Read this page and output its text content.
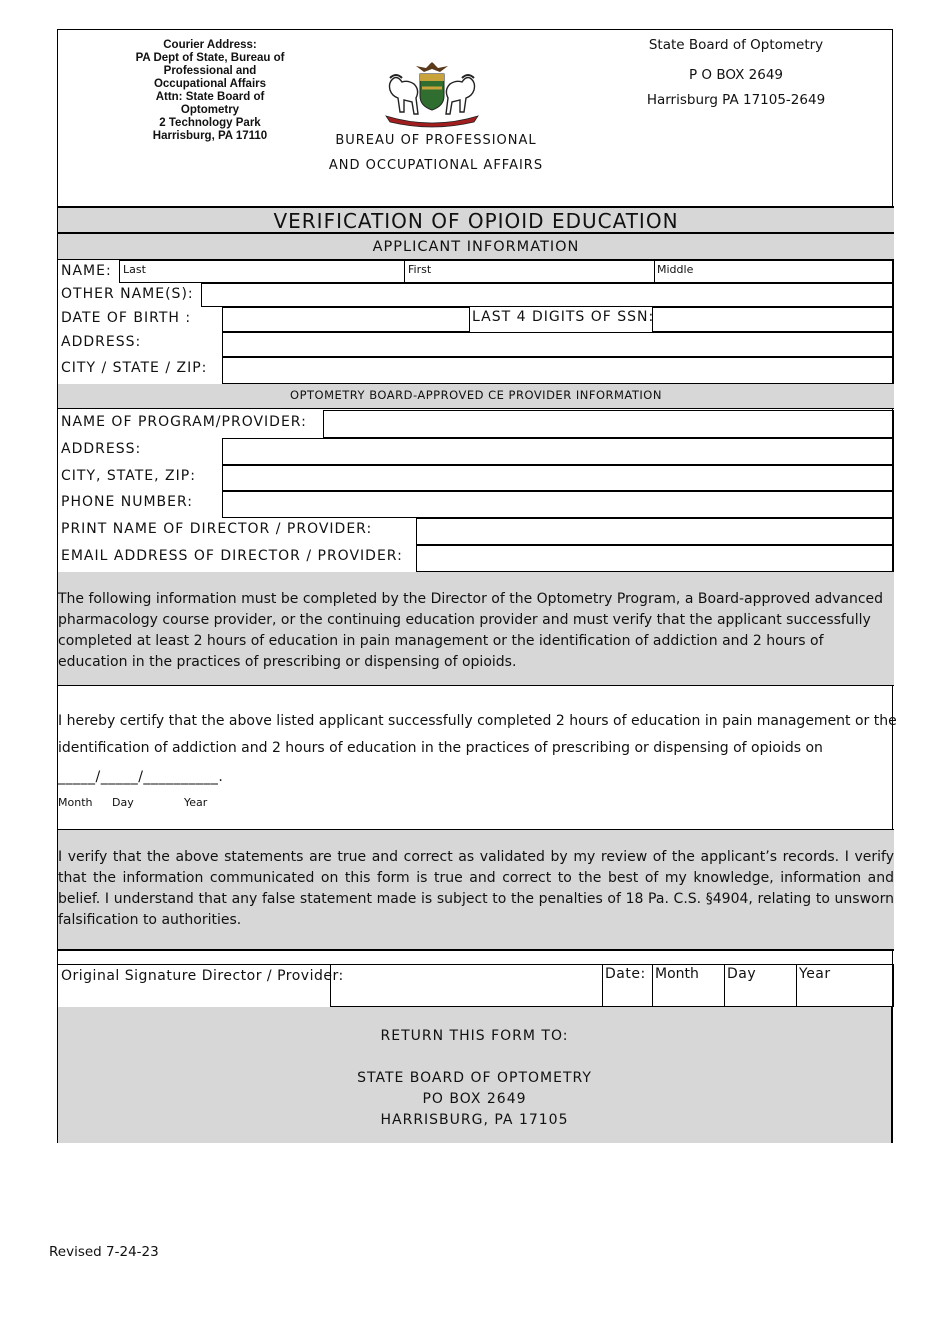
Courier Address:
PA Dept of State, Bureau of
Professional and
Occupational Affairs
Attn: State Board of
Optometry
2 Technology Park
Harrisburg, PA 17110	BUREAU OF PROFESSIONAL
AND OCCUPATIONAL AFFAIRS
State Board of Optometry
P O BOX 2649
Harrisburg PA 17105-2649
VERIFICATION OF OPIOID EDUCATION
APPLICANT INFORMATION
NAME: Last	First	Middle
OTHER NAME(S):
DATE OF BIRTH :	LAST 4 DIGITS OF SSN:
ADDRESS:
CITY / STATE / ZIP:
OPTOMETRY BOARD-APPROVED CE PROVIDER INFORMATION
NAME OF PROGRAM/PROVIDER:
ADDRESS:
CITY, STATE, ZIP:
PHONE NUMBER:
PRINT NAME OF DIRECTOR / PROVIDER:
EMAIL ADDRESS OF DIRECTOR / PROVIDER:
The following information must be completed by the Director of the Optometry Program, a Board-approved advanced pharmacology course provider, or the continuing education provider and must verify that the applicant successfully completed at least 2 hours of education in pain management or the identification of addiction and 2 hours of education in the practices of prescribing or dispensing of opioids.
I hereby certify that the above listed applicant successfully completed 2 hours of education in pain management or the
identification of addiction and 2 hours of education in the practices of prescribing or dispensing of opioids on
_____/_____/__________.
Month Day	Year
I verify that the above statements are true and correct as validated by my review of the applicant’s records. I verify that the information communicated on this form is true and correct to the best of my knowledge, information and belief. I understand that any false statement made is subject to the penalties of 18 Pa. C.S. §4904, relating to unsworn falsification to authorities.
Original Signature Director / Provider:	Date: Month Day	Year
RETURN THIS FORM TO:
STATE BOARD OF OPTOMETRY
PO BOX 2649
HARRISBURG, PA 17105
Revised 7-24-23
